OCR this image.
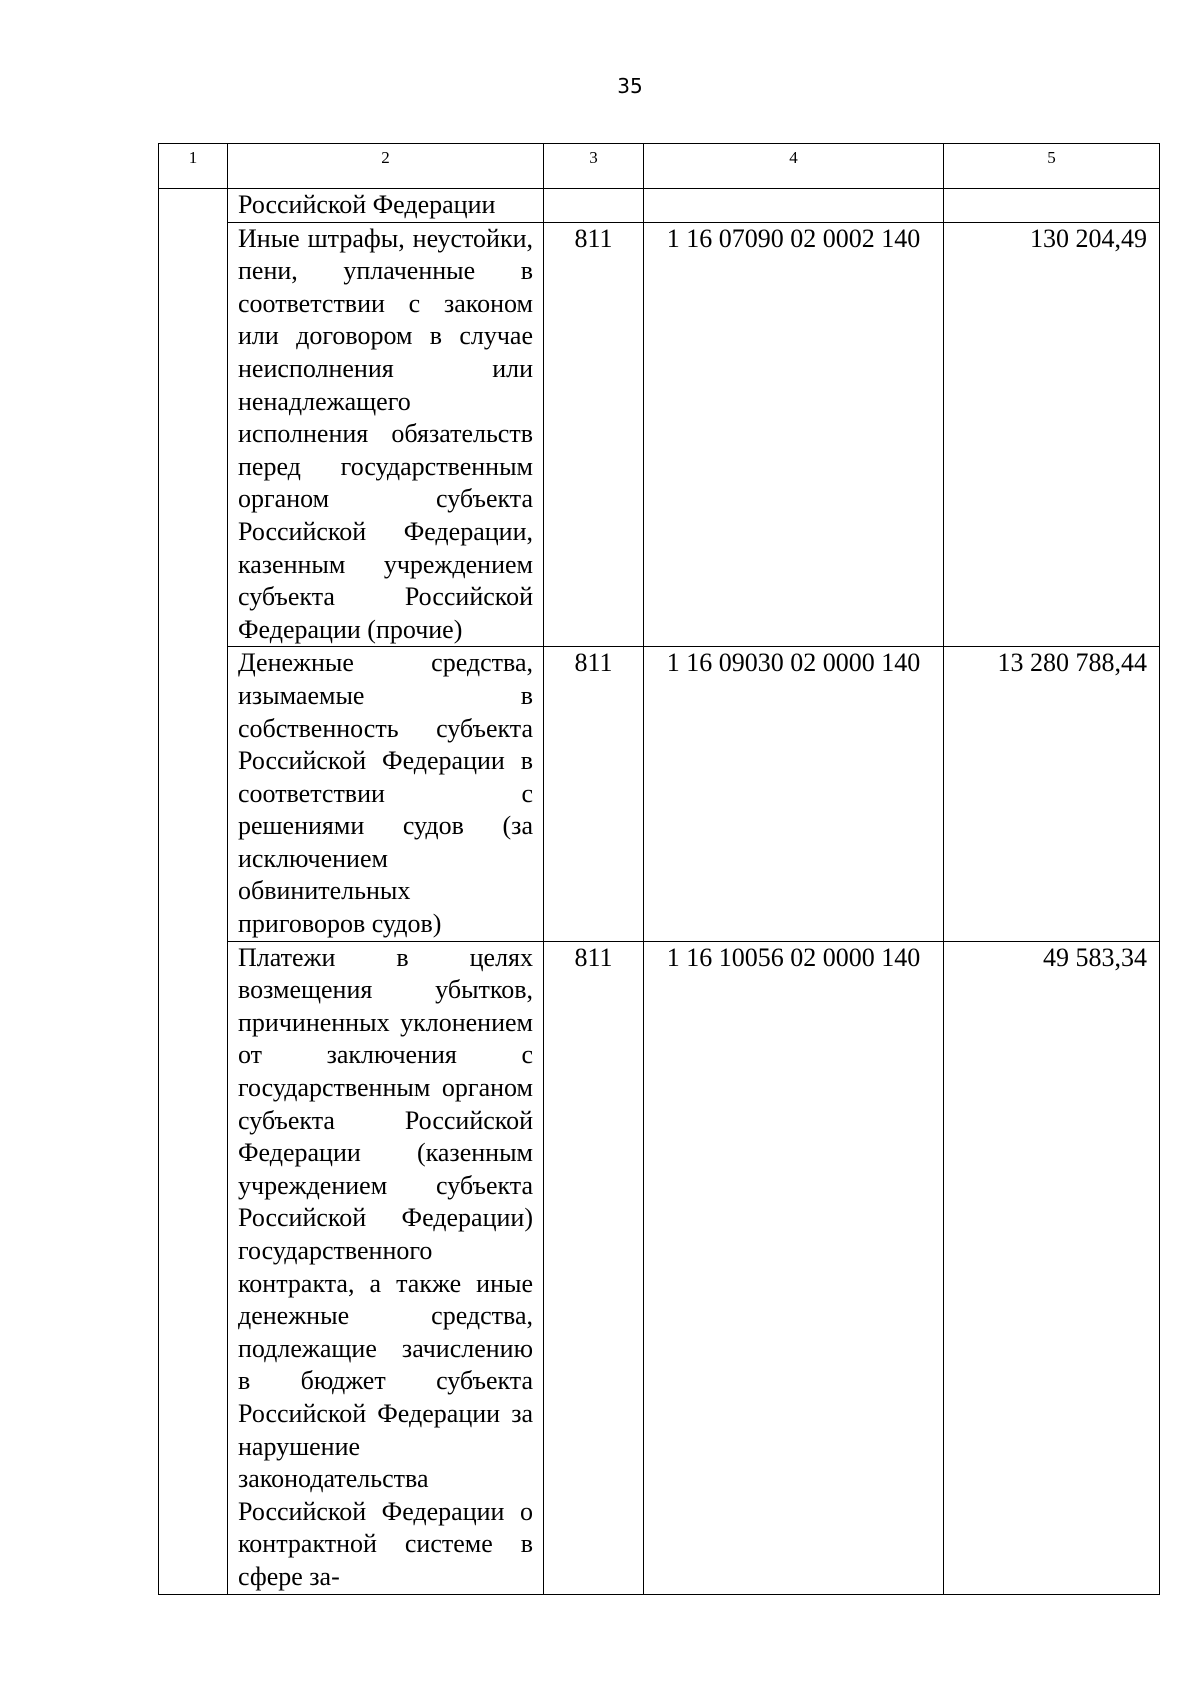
35
1	2	3	4	5
	Российской Федерации			
	Иные штрафы, неустойки, пени, уплаченные в соответствии с законом или договором в случае неисполнения или ненадлежащего исполнения обязательств перед государственным органом субъекта Российской Федерации, казенным учреждением субъекта Российской Федерации (прочие)	811	1 16 07090 02 0002 140	130 204,49
	Денежные средства, изымаемые в собственность субъекта Российской Федерации в соответствии с решениями судов (за исключением обвинительных приговоров судов)	811	1 16 09030 02 0000 140	13 280 788,44
	Платежи в целях возмещения убытков, причиненных уклонением от заключения с государственным органом субъекта Российской Федерации (казенным учреждением субъекта Российской Федерации) государственного контракта, а также иные денежные средства, подлежащие зачислению в бюджет субъекта Российской Федерации за нарушение законодательства Российской Федерации о контрактной системе в сфере за-	811	1 16 10056 02 0000 140	49 583,34
